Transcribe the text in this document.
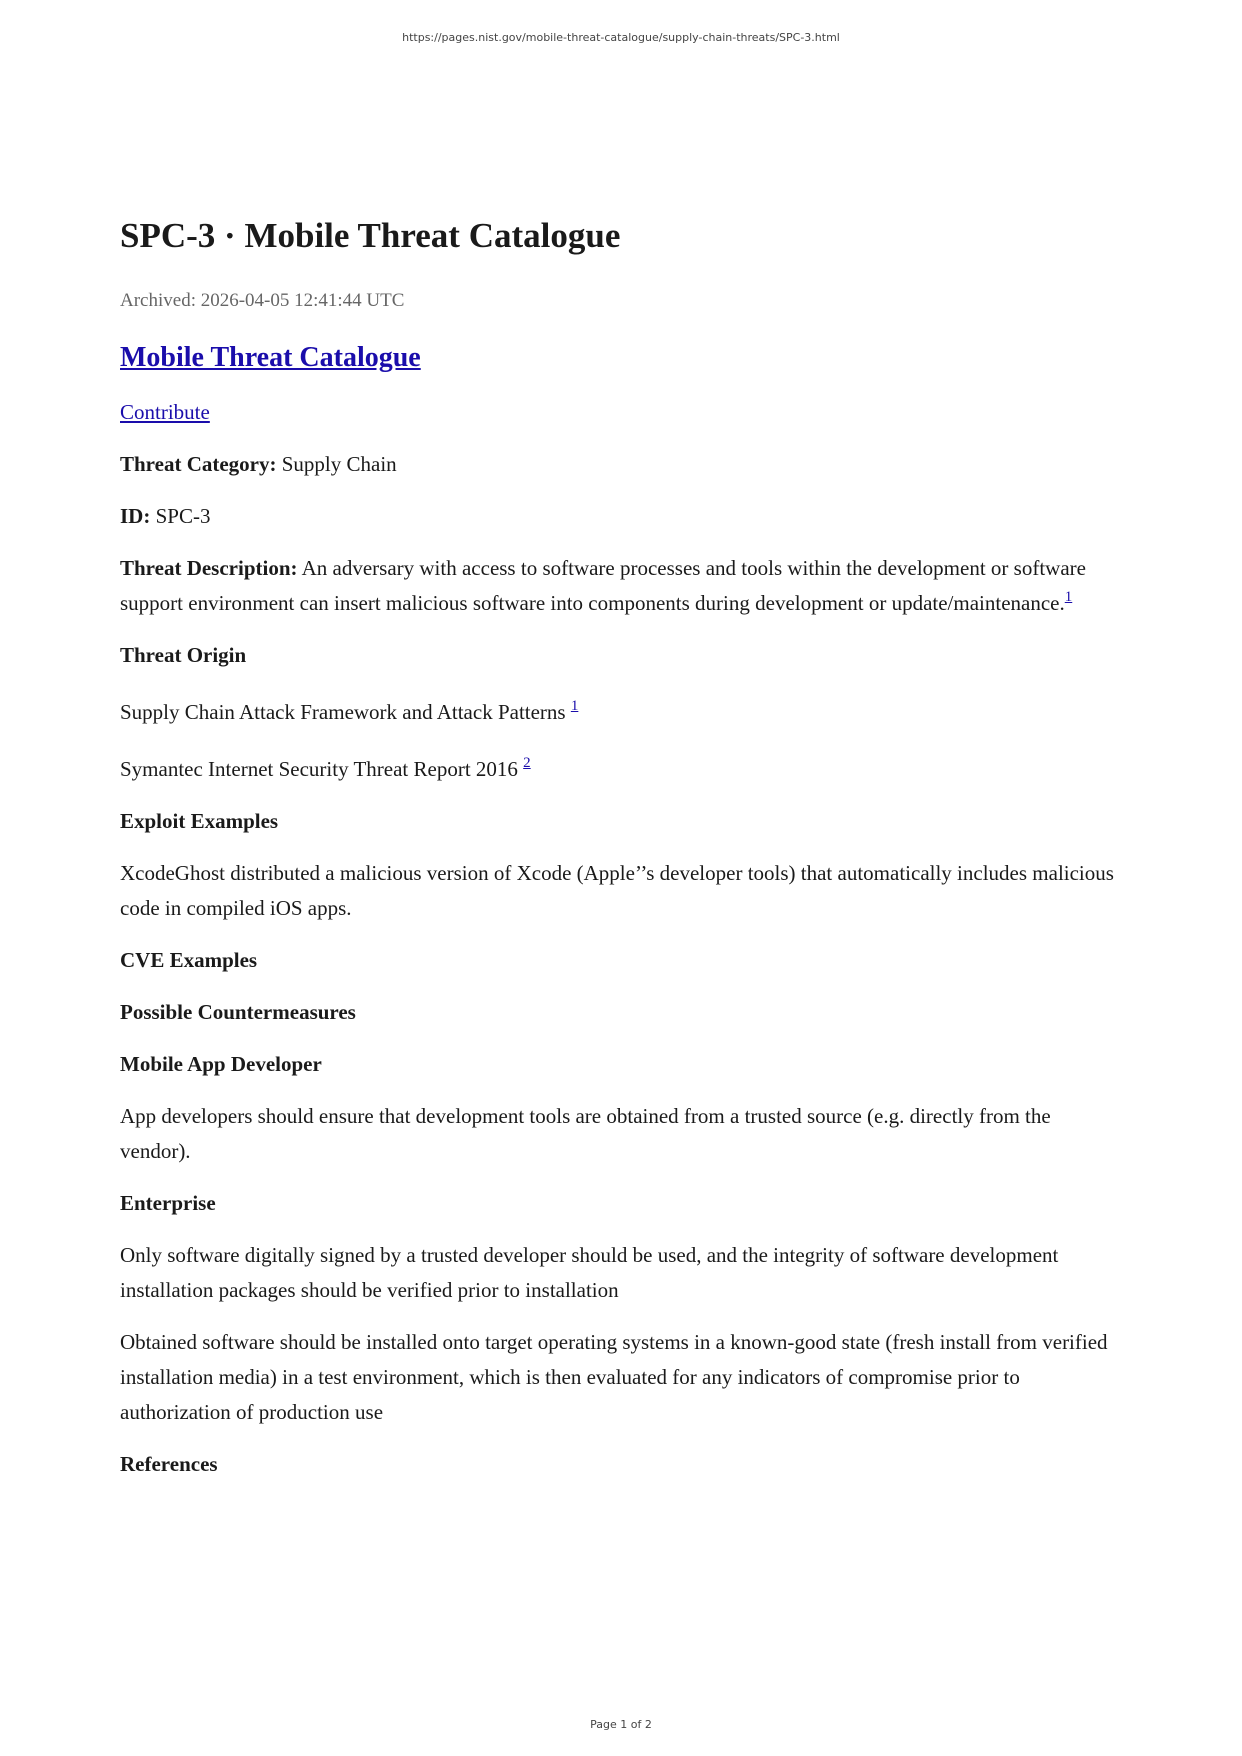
https://pages.nist.gov/mobile-threat-catalogue/supply-chain-threats/SPC-3.html
SPC-3 · Mobile Threat Catalogue
Archived: 2026-04-05 12:41:44 UTC
Mobile Threat Catalogue

Contribute

Threat Category: Supply Chain

ID: SPC-3

Threat Description: An adversary with access to software processes and tools within the development or software support environment can insert malicious software into components during development or update/maintenance.$^1$

Threat Origin

Supply Chain Attack Framework and Attack Patterns $^1$

Symantec Internet Security Threat Report 2016 $^2$

Exploit Examples

XcodeGhost distributed a malicious version of Xcode (Apple’’s developer tools) that automatically includes malicious code in compiled iOS apps.

CVE Examples

Possible Countermeasures

Mobile App Developer

App developers should ensure that development tools are obtained from a trusted source (e.g. directly from the vendor).

Enterprise

Only software digitally signed by a trusted developer should be used, and the integrity of software development installation packages should be verified prior to installation

Obtained software should be installed onto target operating systems in a known-good state (fresh install from verified installation media) in a test environment, which is then evaluated for any indicators of compromise prior to authorization of production use

References

Page 1 of 2
